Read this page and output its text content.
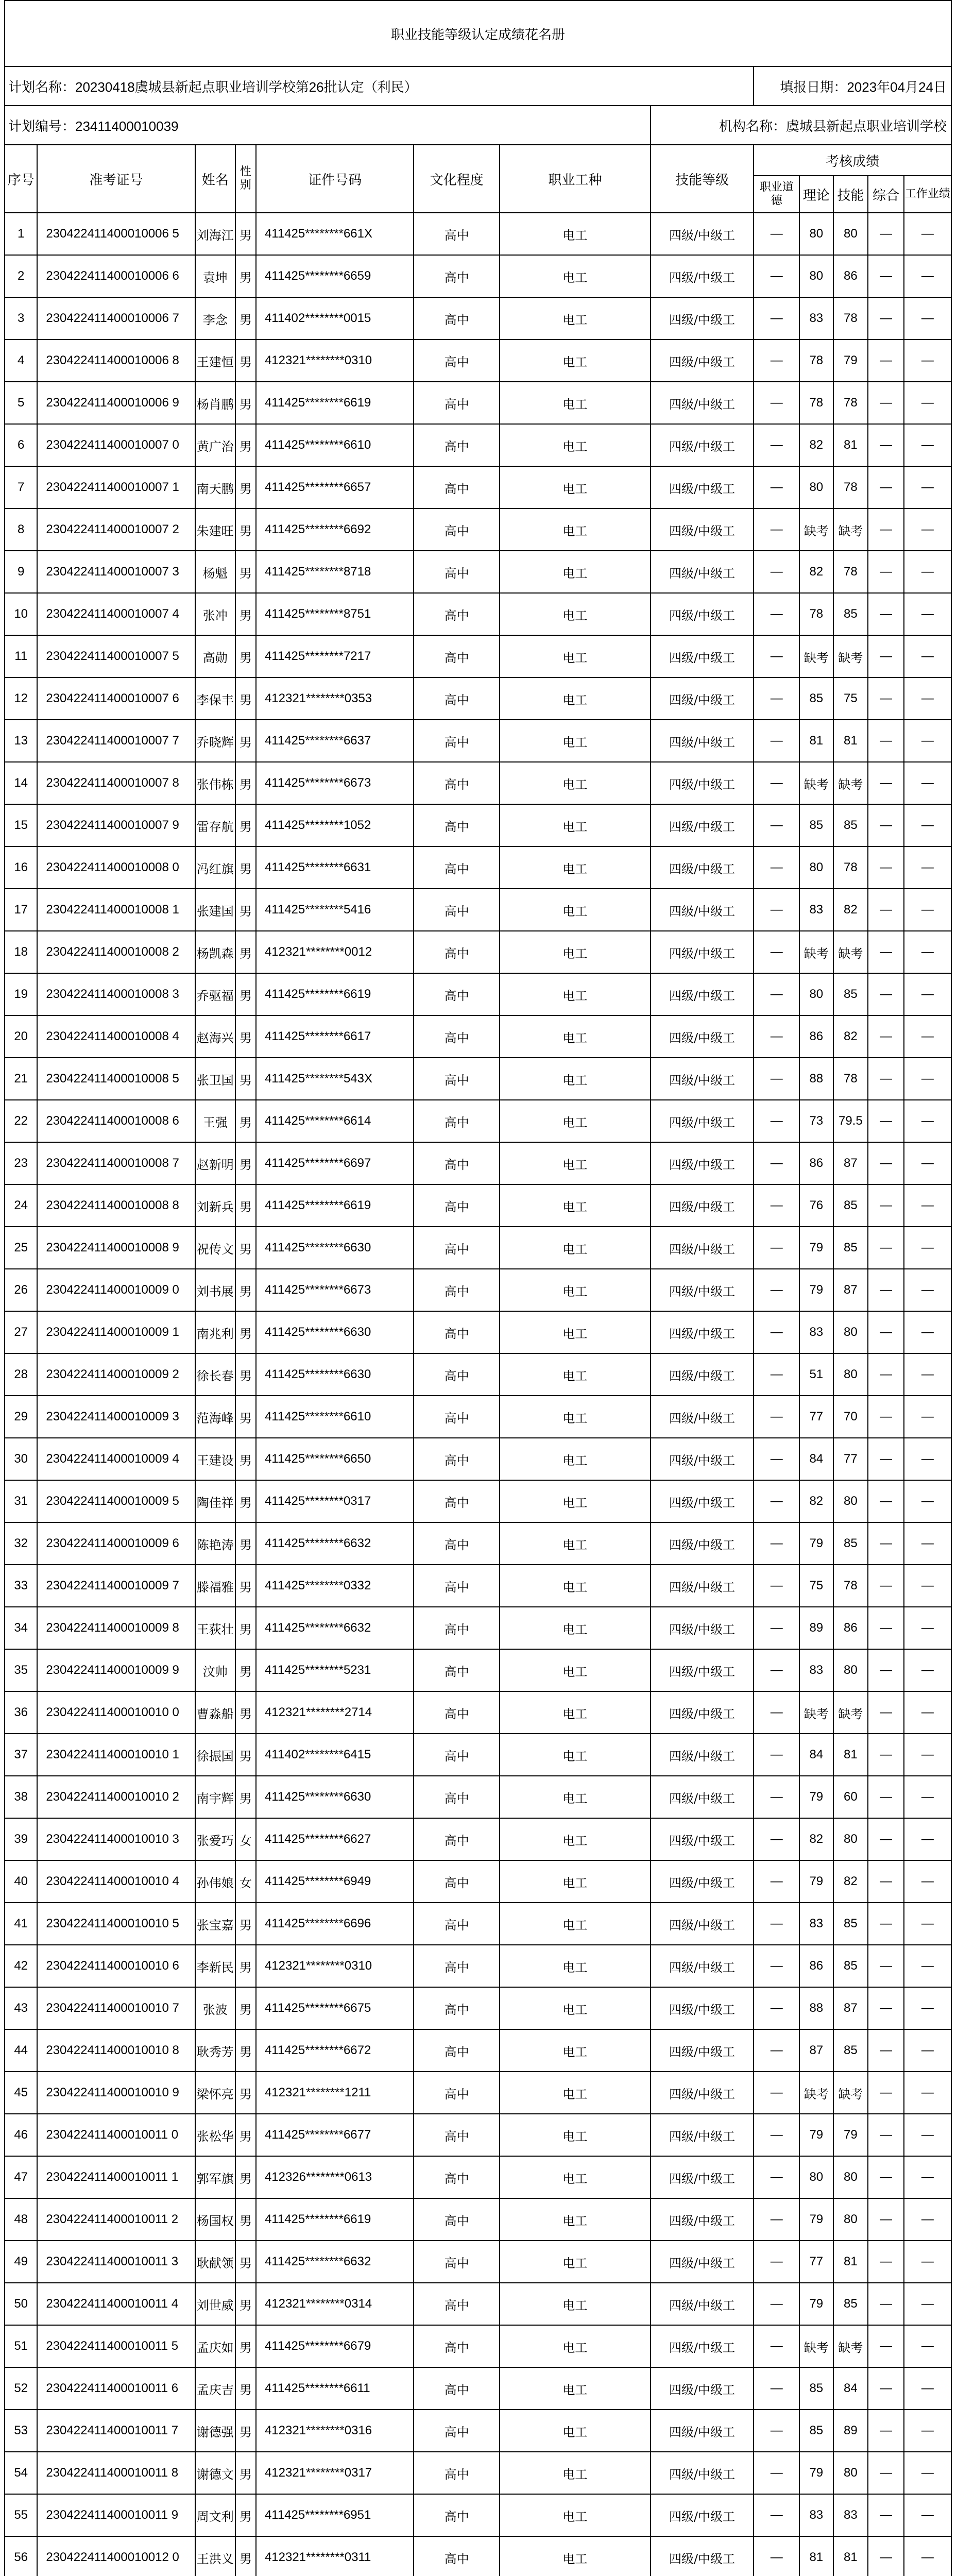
职业技能等级认定成绩花名册												
计划名称：20230418虞城县新起点职业培训学校第26批认定（利民）								填报日期：2023年04月24日				
计划编号：23411400010039							机构名称：虞城县新起点职业培训学校					
序号	准考证号	姓名	性别	证件号码	文化程度	职业工种	技能等级	考核成绩				
								职业道德	理论	技能	综合	工作业绩
1	230422411400010006 5	刘海江	男	411425********661X	高中	电工	四级/中级工	—	80	80	—	—
2	230422411400010006 6	袁坤	男	411425********6659	高中	电工	四级/中级工	—	80	86	—	—
3	230422411400010006 7	李念	男	411402********0015	高中	电工	四级/中级工	—	83	78	—	—
4	230422411400010006 8	王建恒	男	412321********0310	高中	电工	四级/中级工	—	78	79	—	—
5	230422411400010006 9	杨肖鹏	男	411425********6619	高中	电工	四级/中级工	—	78	78	—	—
6	230422411400010007 0	黄广治	男	411425********6610	高中	电工	四级/中级工	—	82	81	—	—
7	230422411400010007 1	南天鹏	男	411425********6657	高中	电工	四级/中级工	—	80	78	—	—
8	230422411400010007 2	朱建旺	男	411425********6692	高中	电工	四级/中级工	—	缺考	缺考	—	—
9	230422411400010007 3	杨魁	男	411425********8718	高中	电工	四级/中级工	—	82	78	—	—
10	230422411400010007 4	张冲	男	411425********8751	高中	电工	四级/中级工	—	78	85	—	—
11	230422411400010007 5	高勋	男	411425********7217	高中	电工	四级/中级工	—	缺考	缺考	—	—
12	230422411400010007 6	李保丰	男	412321********0353	高中	电工	四级/中级工	—	85	75	—	—
13	230422411400010007 7	乔晓辉	男	411425********6637	高中	电工	四级/中级工	—	81	81	—	—
14	230422411400010007 8	张伟栋	男	411425********6673	高中	电工	四级/中级工	—	缺考	缺考	—	—
15	230422411400010007 9	雷存航	男	411425********1052	高中	电工	四级/中级工	—	85	85	—	—
16	230422411400010008 0	冯红旗	男	411425********6631	高中	电工	四级/中级工	—	80	78	—	—
17	230422411400010008 1	张建国	男	411425********5416	高中	电工	四级/中级工	—	83	82	—	—
18	230422411400010008 2	杨凯森	男	412321********0012	高中	电工	四级/中级工	—	缺考	缺考	—	—
19	230422411400010008 3	乔驱福	男	411425********6619	高中	电工	四级/中级工	—	80	85	—	—
20	230422411400010008 4	赵海兴	男	411425********6617	高中	电工	四级/中级工	—	86	82	—	—
21	230422411400010008 5	张卫国	男	411425********543X	高中	电工	四级/中级工	—	88	78	—	—
22	230422411400010008 6	王强	男	411425********6614	高中	电工	四级/中级工	—	73	79.5	—	—
23	230422411400010008 7	赵新明	男	411425********6697	高中	电工	四级/中级工	—	86	87	—	—
24	230422411400010008 8	刘新兵	男	411425********6619	高中	电工	四级/中级工	—	76	85	—	—
25	230422411400010008 9	祝传文	男	411425********6630	高中	电工	四级/中级工	—	79	85	—	—
26	230422411400010009 0	刘书展	男	411425********6673	高中	电工	四级/中级工	—	79	87	—	—
27	230422411400010009 1	南兆利	男	411425********6630	高中	电工	四级/中级工	—	83	80	—	—
28	230422411400010009 2	徐长春	男	411425********6630	高中	电工	四级/中级工	—	51	80	—	—
29	230422411400010009 3	范海峰	男	411425********6610	高中	电工	四级/中级工	—	77	70	—	—
30	230422411400010009 4	王建设	男	411425********6650	高中	电工	四级/中级工	—	84	77	—	—
31	230422411400010009 5	陶佳祥	男	411425********0317	高中	电工	四级/中级工	—	82	80	—	—
32	230422411400010009 6	陈艳涛	男	411425********6632	高中	电工	四级/中级工	—	79	85	—	—
33	230422411400010009 7	滕福雅	男	411425********0332	高中	电工	四级/中级工	—	75	78	—	—
34	230422411400010009 8	王荻壮	男	411425********6632	高中	电工	四级/中级工	—	89	86	—	—
35	230422411400010009 9	汶帅	男	411425********5231	高中	电工	四级/中级工	—	83	80	—	—
36	230422411400010010 0	曹淼船	男	412321********2714	高中	电工	四级/中级工	—	缺考	缺考	—	—
37	230422411400010010 1	徐振国	男	411402********6415	高中	电工	四级/中级工	—	84	81	—	—
38	230422411400010010 2	南宇辉	男	411425********6630	高中	电工	四级/中级工	—	79	60	—	—
39	230422411400010010 3	张爱巧	女	411425********6627	高中	电工	四级/中级工	—	82	80	—	—
40	230422411400010010 4	孙伟娘	女	411425********6949	高中	电工	四级/中级工	—	79	82	—	—
41	230422411400010010 5	张宝嘉	男	411425********6696	高中	电工	四级/中级工	—	83	85	—	—
42	230422411400010010 6	李新民	男	412321********0310	高中	电工	四级/中级工	—	86	85	—	—
43	230422411400010010 7	张波	男	411425********6675	高中	电工	四级/中级工	—	88	87	—	—
44	230422411400010010 8	耿秀芳	男	411425********6672	高中	电工	四级/中级工	—	87	85	—	—
45	230422411400010010 9	梁怀亮	男	412321********1211	高中	电工	四级/中级工	—	缺考	缺考	—	—
46	230422411400010011 0	张松华	男	411425********6677	高中	电工	四级/中级工	—	79	79	—	—
47	230422411400010011 1	郭军旗	男	412326********0613	高中	电工	四级/中级工	—	80	80	—	—
48	230422411400010011 2	杨国权	男	411425********6619	高中	电工	四级/中级工	—	79	80	—	—
49	230422411400010011 3	耿献领	男	411425********6632	高中	电工	四级/中级工	—	77	81	—	—
50	230422411400010011 4	刘世威	男	412321********0314	高中	电工	四级/中级工	—	79	85	—	—
51	230422411400010011 5	孟庆如	男	411425********6679	高中	电工	四级/中级工	—	缺考	缺考	—	—
52	230422411400010011 6	孟庆吉	男	411425********6611	高中	电工	四级/中级工	—	85	84	—	—
53	230422411400010011 7	谢德强	男	412321********0316	高中	电工	四级/中级工	—	85	89	—	—
54	230422411400010011 8	谢德文	男	412321********0317	高中	电工	四级/中级工	—	79	80	—	—
55	230422411400010011 9	周文利	男	411425********6951	高中	电工	四级/中级工	—	83	83	—	—
56	230422411400010012 0	王洪义	男	412321********0311	高中	电工	四级/中级工	—	81	81	—	—
